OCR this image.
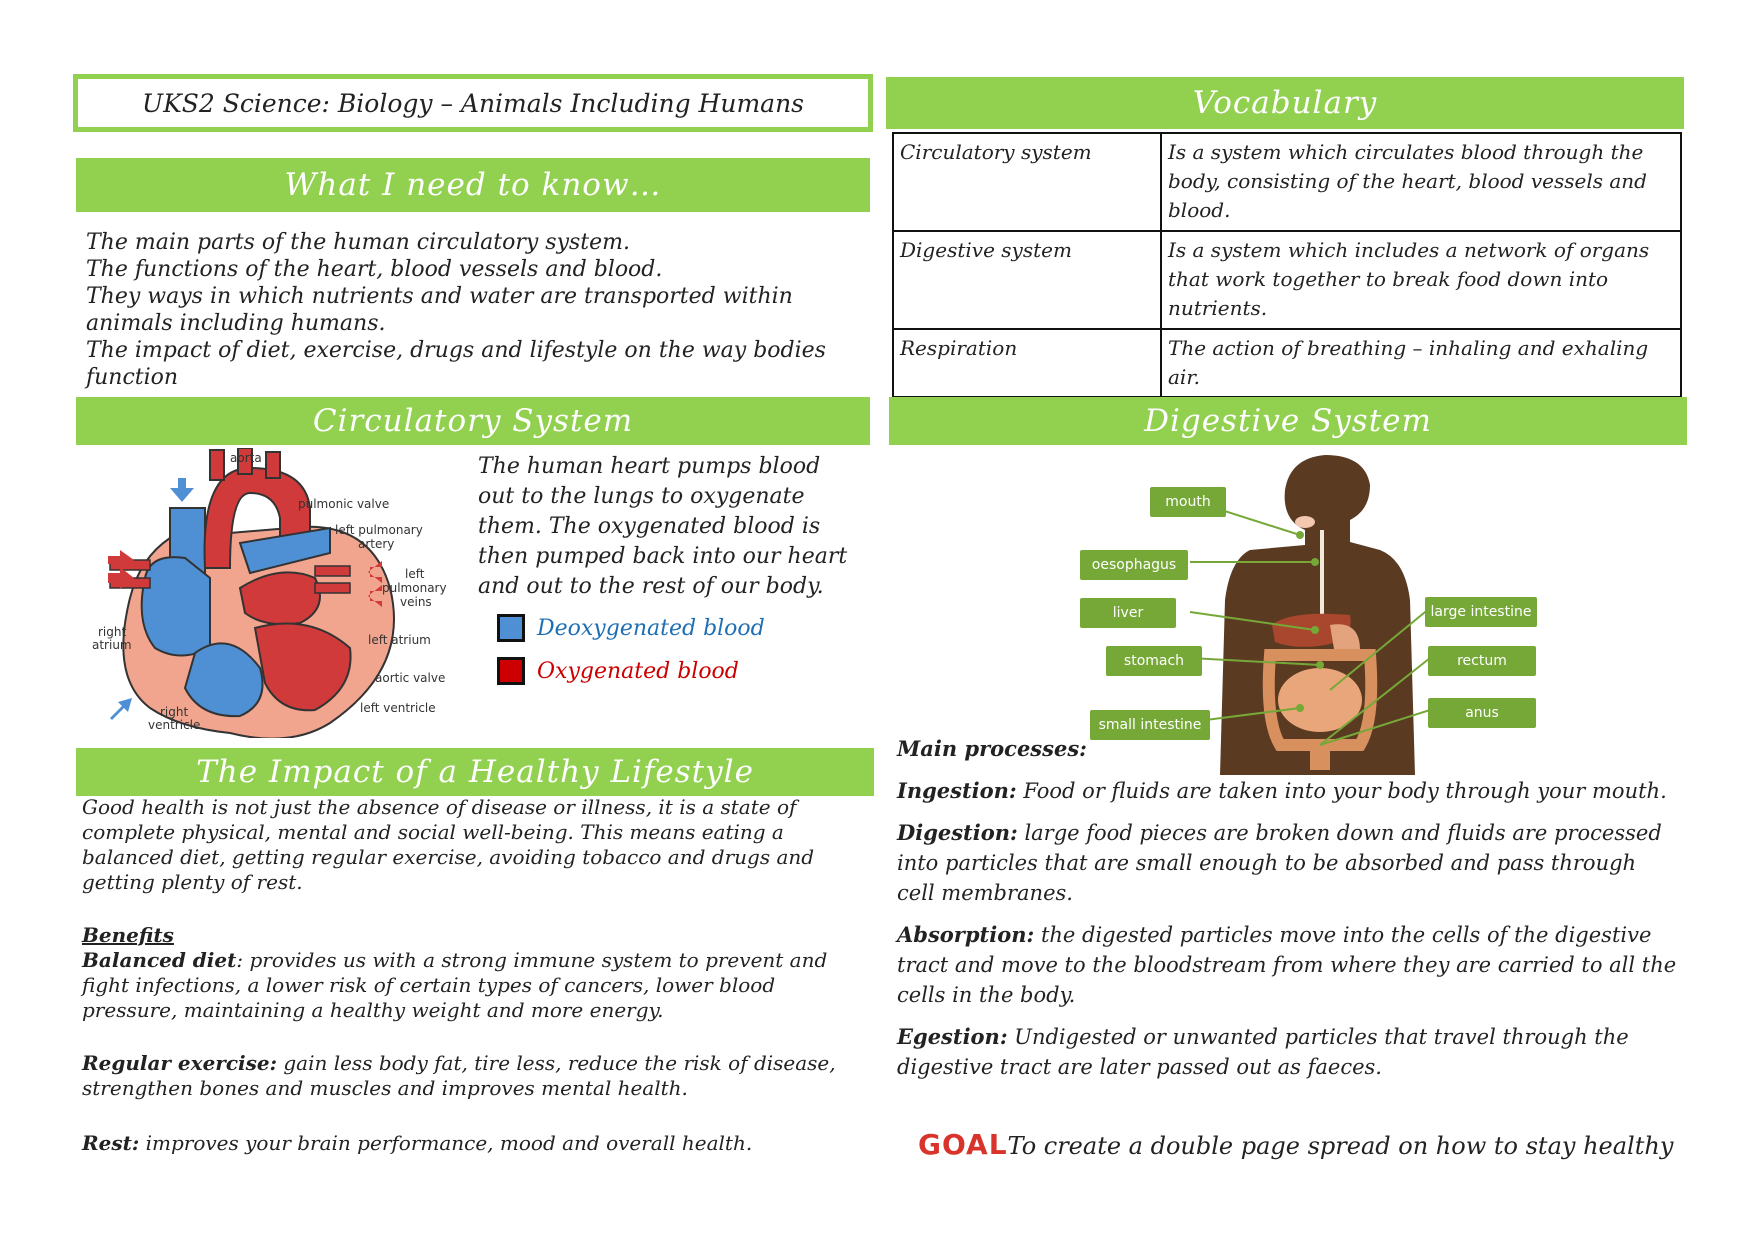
UKS2 Science: Biology – Animals Including Humans
What I need to know…

The main parts of the human circulatory system.

The functions of the heart, blood vessels and blood.

They ways in which nutrients and water are transported within animals including humans.

The impact of diet, exercise, drugs and lifestyle on the way bodies function

Circulatory System
aorta
pulmonic valve
left pulmonary
artery
left
pulmonary
veins
left atrium
aortic valve
left ventricle
right
atrium
right
ventricle

The human heart pumps blood out to the lungs to oxygenate them. The oxygenated blood is then pumped back into our heart and out to the rest of our body.

Deoxygenated blood
Oxygenated blood
The Impact of a Healthy Lifestyle

Good health is not just the absence of disease or illness, it is a state of complete physical, mental and social well-being. This means eating a balanced diet, getting regular exercise, avoiding tobacco and drugs and getting plenty of rest.

Benefits

Balanced diet: provides us with a strong immune system to prevent and fight infections, a lower risk of certain types of cancers, lower blood pressure, maintaining a healthy weight and more energy.

Regular exercise: gain less body fat, tire less, reduce the risk of disease, strengthen bones and muscles and improves mental health.

Rest: improves your brain performance, mood and overall health.

Vocabulary
Circulatory system	Is a system which circulates blood through the body, consisting of the heart, blood vessels and blood.
Digestive system	Is a system which includes a network of organs that work together to break food down into nutrients.
Respiration	The action of breathing – inhaling and exhaling air.
Digestive System
mouth
oesophagus
liver
stomach
small intestine
large intestine
rectum
anus

Main processes:

Ingestion: Food or fluids are taken into your body through your mouth.

Digestion: large food pieces are broken down and fluids are processed into particles that are small enough to be absorbed and pass through cell membranes.

Absorption: the digested particles move into the cells of the digestive tract and move to the bloodstream from where they are carried to all the cells in the body.

Egestion: Undigested or unwanted particles that travel through the digestive tract are later passed out as faeces.

GOAL To create a double page spread on how to stay healthy
